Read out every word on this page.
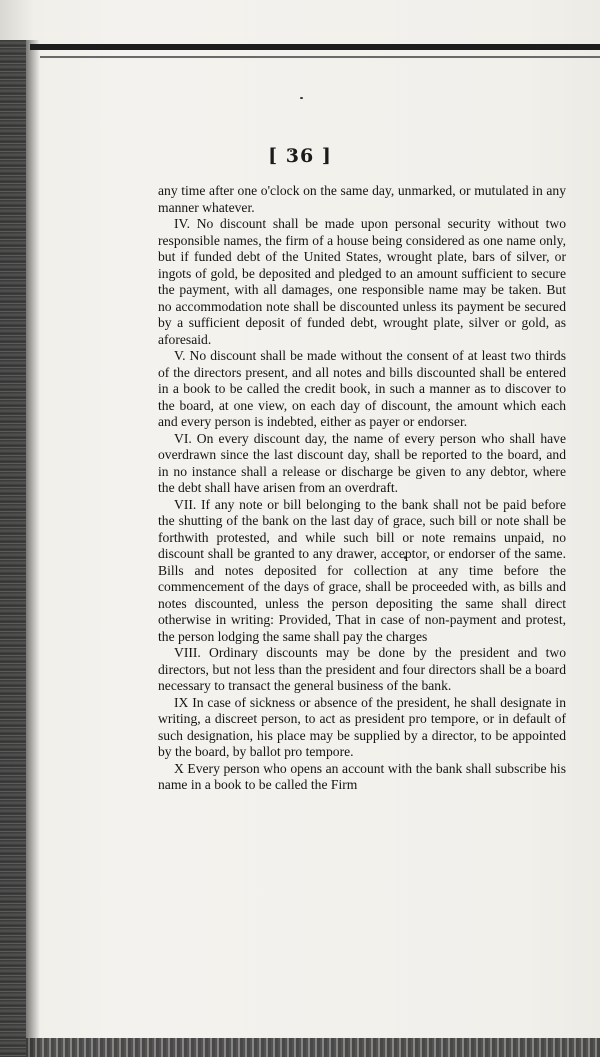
[ 36 ]

any time after one o'clock on the same day, unmarked, or mutulated in any manner whatever.

IV. No discount shall be made upon personal security without two responsible names, the firm of a house being considered as one name only, but if funded debt of the United States, wrought plate, bars of silver, or ingots of gold, be deposited and pledged to an amount sufficient to secure the payment, with all damages, one responsible name may be taken. But no accommodation note shall be discounted unless its payment be secured by a sufficient deposit of funded debt, wrought plate, silver or gold, as aforesaid.

V. No discount shall be made without the consent of at least two thirds of the directors present, and all notes and bills discounted shall be entered in a book to be called the credit book, in such a manner as to discover to the board, at one view, on each day of discount, the amount which each and every person is indebted, either as payer or endorser.

VI. On every discount day, the name of every person who shall have overdrawn since the last discount day, shall be reported to the board, and in no instance shall a release or discharge be given to any debtor, where the debt shall have arisen from an overdraft.

VII. If any note or bill belonging to the bank shall not be paid before the shutting of the bank on the last day of grace, such bill or note shall be forthwith protested, and while such bill or note remains unpaid, no discount shall be granted to any drawer, acceptor, or endorser of the same. Bills and notes deposited for collection at any time before the commencement of the days of grace, shall be proceeded with, as bills and notes discounted, unless the person depositing the same shall direct otherwise in writing: Provided, That in case of non-payment and protest, the person lodging the same shall pay the charges

VIII. Ordinary discounts may be done by the president and two directors, but not less than the president and four directors shall be a board necessary to transact the general business of the bank.

IX In case of sickness or absence of the president, he shall designate in writing, a discreet person, to act as president pro tempore, or in default of such designation, his place may be supplied by a director, to be appointed by the board, by ballot pro tempore.

X Every person who opens an account with the bank shall subscribe his name in a book to be called the Firm
